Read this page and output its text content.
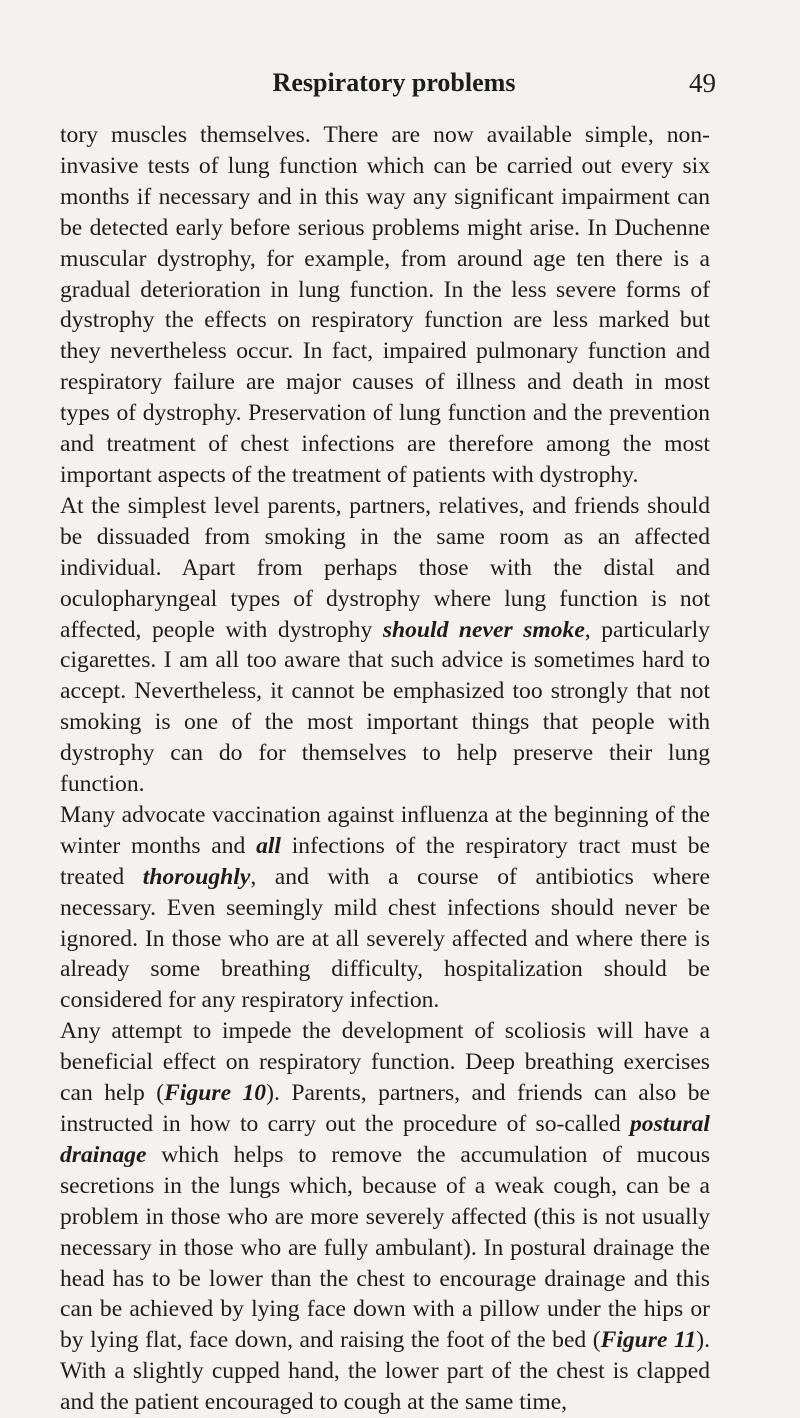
Respiratory problems	49

tory muscles themselves. There are now available simple, non-invasive tests of lung function which can be carried out every six months if necessary and in this way any significant impairment can be detected early before serious problems might arise. In Duchenne muscular dystrophy, for example, from around age ten there is a gradual deterioration in lung function. In the less severe forms of dystrophy the effects on respiratory function are less marked but they nevertheless occur. In fact, impaired pulmonary function and respiratory failure are major causes of illness and death in most types of dystrophy. Preservation of lung function and the prevention and treatment of chest infections are therefore among the most important aspects of the treatment of patients with dystrophy.

At the simplest level parents, partners, relatives, and friends should be dissuaded from smoking in the same room as an affected individual. Apart from perhaps those with the distal and oculopharyngeal types of dystrophy where lung function is not affected, people with dystrophy should never smoke, particularly cigarettes. I am all too aware that such advice is sometimes hard to accept. Nevertheless, it cannot be emphasized too strongly that not smoking is one of the most important things that people with dystrophy can do for themselves to help preserve their lung function.

Many advocate vaccination against influenza at the beginning of the winter months and all infections of the respiratory tract must be treated thoroughly, and with a course of antibiotics where necessary. Even seemingly mild chest infections should never be ignored. In those who are at all severely affected and where there is already some breathing difficulty, hospitalization should be considered for any respiratory infection.

Any attempt to impede the development of scoliosis will have a beneficial effect on respiratory function. Deep breathing exercises can help (Figure 10). Parents, partners, and friends can also be instructed in how to carry out the procedure of so-called postural drainage which helps to remove the accumulation of mucous secretions in the lungs which, because of a weak cough, can be a problem in those who are more severely affected (this is not usually necessary in those who are fully ambulant). In postural drainage the head has to be lower than the chest to encourage drainage and this can be achieved by lying face down with a pillow under the hips or by lying flat, face down, and raising the foot of the bed (Figure 11). With a slightly cupped hand, the lower part of the chest is clapped and the patient encouraged to cough at the same time,
